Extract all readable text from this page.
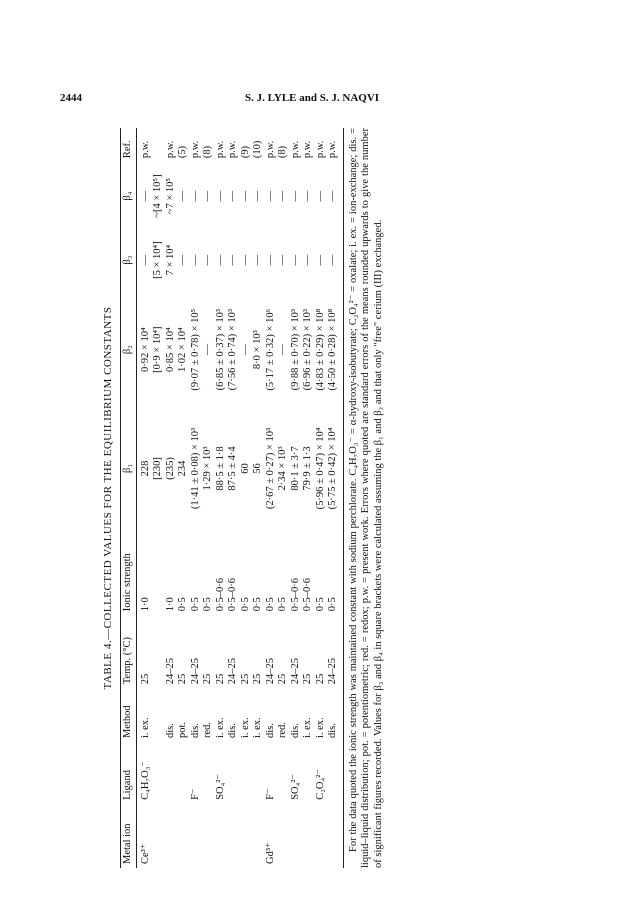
2444	S. J. LYLE and S. J. NAQVI
TABLE 4.—COLLECTED VALUES FOR THE EQUILIBRIUM CONSTANTS
Metal ion	Ligand	Method	Temp. (°C)	Ionic strength	β₁	β₂	β₃	β₄	Ref.
Ce³⁺	C₄H₇O₃⁻	i. ex.	25	1·0	228	0·92 × 10⁴	—	—	p.w.
					[230]	[0·9 × 10⁴]	[5 × 10⁴]	~[4 × 10⁵]	
		dis.	24–25	1·0	(235)	0·85 × 10⁴	7 × 10⁴	~7 × 10⁵	p.w.
		pot.	25	0·5	234	1·02 × 10⁴	—	—	(5)
	F⁻	dis.	24–25	0·5	(1·41 ± 0·08) × 10³	(9·07 ± 0·78) × 10⁵	—	—	p.w.
		red.	25	0·5	1·29 × 10³	—	—	—	(8)
	SO₄²⁻	i. ex.	25	0·5–0·6	88·5 ± 1·8	(6·85 ± 0·37) × 10³	—	—	p.w.
		dis.	24–25	0·5–0·6	87·5 ± 4·4	(7·56 ± 0·74) × 10³	—	—	p.w.
		i. ex.	25	0·5	60	—	—	—	(9)
		i. ex.	25	0·5	56	8·0 × 10³	—	—	(10)
Gd³⁺	F⁻	dis.	24–25	0·5	(2·67 ± 0·27) × 10³	(5·17 ± 0·32) × 10⁶	—	—	p.w.
		red.	25	0·5	2·34 × 10³	—	—	—	(8)
	SO₄²⁻	dis.	24–25	0·5–0·6	80·1 ± 3·7	(9·88 ± 0·70) × 10³	—	—	p.w.
		i. ex.	25	0·5–0·6	79·9 ± 1·3	(6·96 ± 0·22) × 10³	—	—	p.w.
	C₂O₄²⁻	i. ex.	25	0·5	(5·96 ± 0·47) × 10⁴	(4·83 ± 0·29) × 10⁸	—	—	p.w.
		dis.	24–25	0·5	(5·75 ± 0·42) × 10⁴	(4·50 ± 0·28) × 10⁸	—	—	p.w. For the data quoted the ionic strength was maintained constant with sodium perchlorate. C₄H₇O₃⁻ = α-hydroxy-isobutyrate; C₂O₄²⁻ = oxalate; i. ex. = ion-exchange; dis. = liquid–liquid distribution; pot. = potentiometric; red. = redox; p.w. = present work. Errors where quoted are standard errors of the means rounded upwards to give the number of significant figures recorded. Values for β₃ and β₄ in square brackets were calculated assuming the β₁ and β₂ and that only "free" cerium (III) exchanged.
